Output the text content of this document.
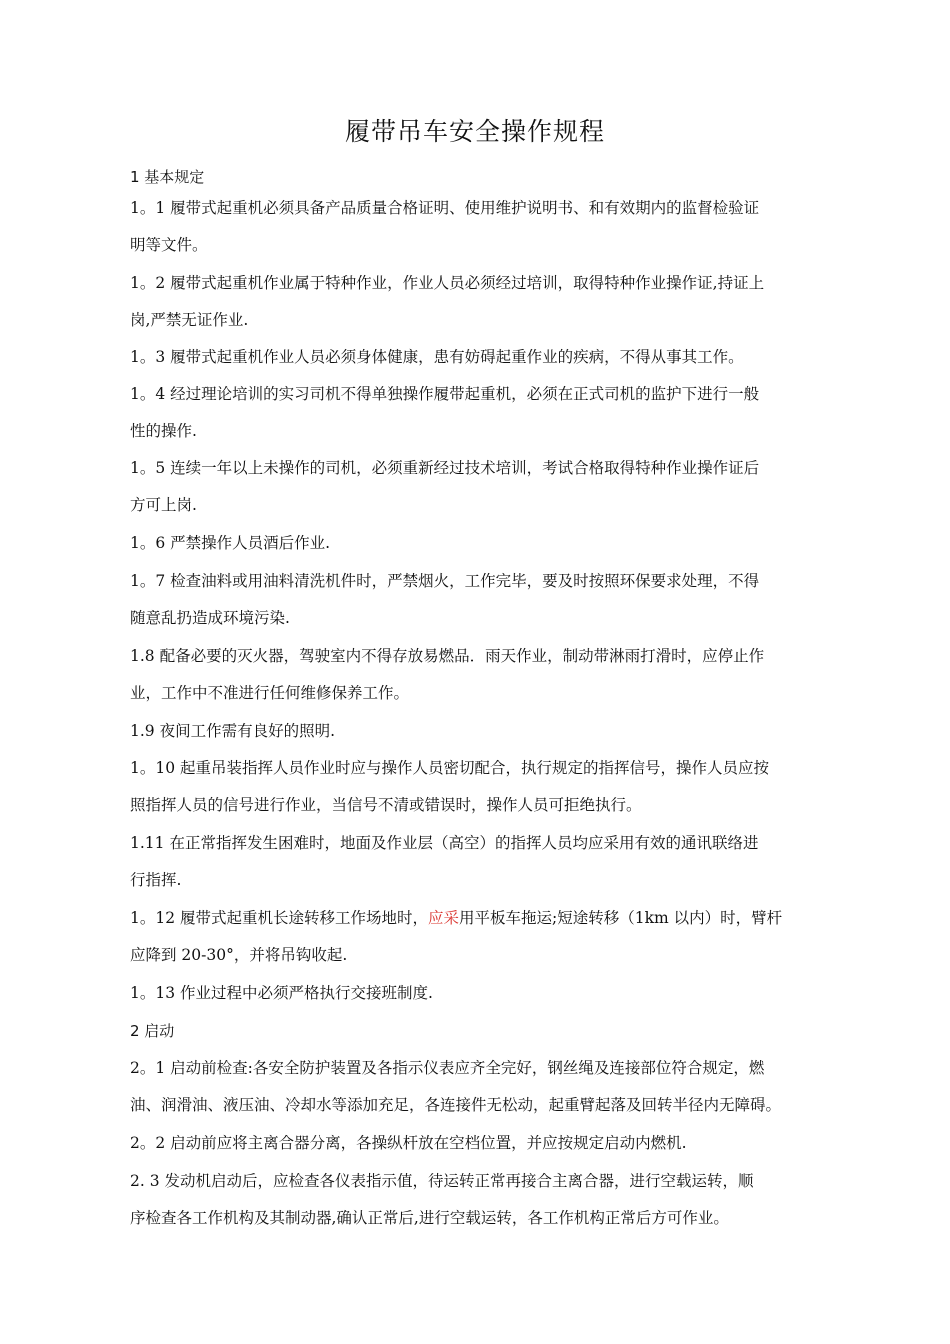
履带吊车安全操作规程
1 基本规定
1。1 履带式起重机必须具备产品质量合格证明、使用维护说明书、和有效期内的监督检验证
明等文件。
1。2 履带式起重机作业属于特种作业，作业人员必须经过培训，取得特种作业操作证,持证上
岗,严禁无证作业.
1。3 履带式起重机作业人员必须身体健康，患有妨碍起重作业的疾病，不得从事其工作。
1。4 经过理论培训的实习司机不得单独操作履带起重机，必须在正式司机的监护下进行一般
性的操作.
1。5 连续一年以上未操作的司机，必须重新经过技术培训，考试合格取得特种作业操作证后
方可上岗.
1。6 严禁操作人员酒后作业.
1。7 检查油料或用油料清洗机件时，严禁烟火，工作完毕，要及时按照环保要求处理，不得
随意乱扔造成环境污染.
1.8 配备必要的灭火器，驾驶室内不得存放易燃品．雨天作业，制动带淋雨打滑时，应停止作
业，工作中不准进行任何维修保养工作。
1.9 夜间工作需有良好的照明.
1。10 起重吊装指挥人员作业时应与操作人员密切配合，执行规定的指挥信号，操作人员应按
照指挥人员的信号进行作业，当信号不清或错误时，操作人员可拒绝执行。
1.11 在正常指挥发生困难时，地面及作业层（高空）的指挥人员均应采用有效的通讯联络进
行指挥.
1。12 履带式起重机长途转移工作场地时，应采用平板车拖运;短途转移（1km 以内）时，臂杆
应降到 20-30°，并将吊钩收起.
1。13 作业过程中必须严格执行交接班制度.
2 启动
2。1 启动前检查:各安全防护装置及各指示仪表应齐全完好，钢丝绳及连接部位符合规定，燃
油、润滑油、液压油、冷却水等添加充足，各连接件无松动，起重臂起落及回转半径内无障碍。
2。2 启动前应将主离合器分离，各操纵杆放在空档位置，并应按规定启动内燃机.
2. 3 发动机启动后，应检查各仪表指示值，待运转正常再接合主离合器，进行空载运转，顺
序检查各工作机构及其制动器,确认正常后,进行空载运转，各工作机构正常后方可作业。
